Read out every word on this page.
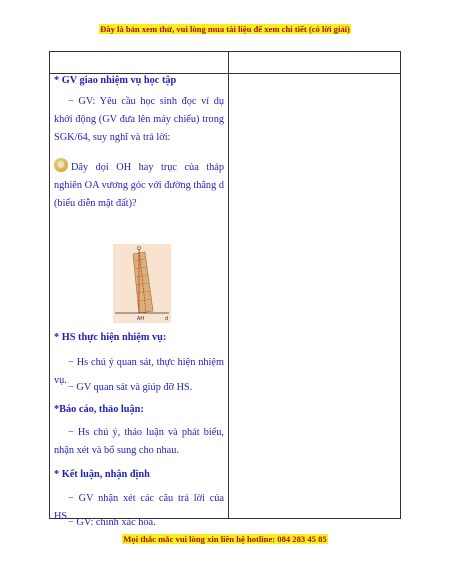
Đây là bản xem thử, vui lòng mua tài liệu để xem chi tiết (có lời giải)
* GV giao nhiệm vụ học tập
− GV: Yêu cầu học sinh đọc ví dụ khởi động (GV đưa lên máy chiếu) trong SGK/64, suy nghĩ và trả lời:
Dây dọi OH hay trục của tháp nghiên OA vương góc với đường thẳng d (biểu diễn mặt đất)?
O
AH	d
* HS thực hiện nhiệm vụ:
− Hs chú ý quan sát, thực hiện nhiệm vụ.
− GV quan sát và giúp đỡ HS.
*Báo cáo, thảo luận:
− Hs chú ý, thảo luận và phát biểu, nhận xét và bổ sung cho nhau.
* Kết luận, nhận định
− GV nhận xét các câu trả lời của HS.
− GV: chính xác hóa.
Mọi thắc mắc vui lòng xin liên hệ hotline: 084 283 45 85
